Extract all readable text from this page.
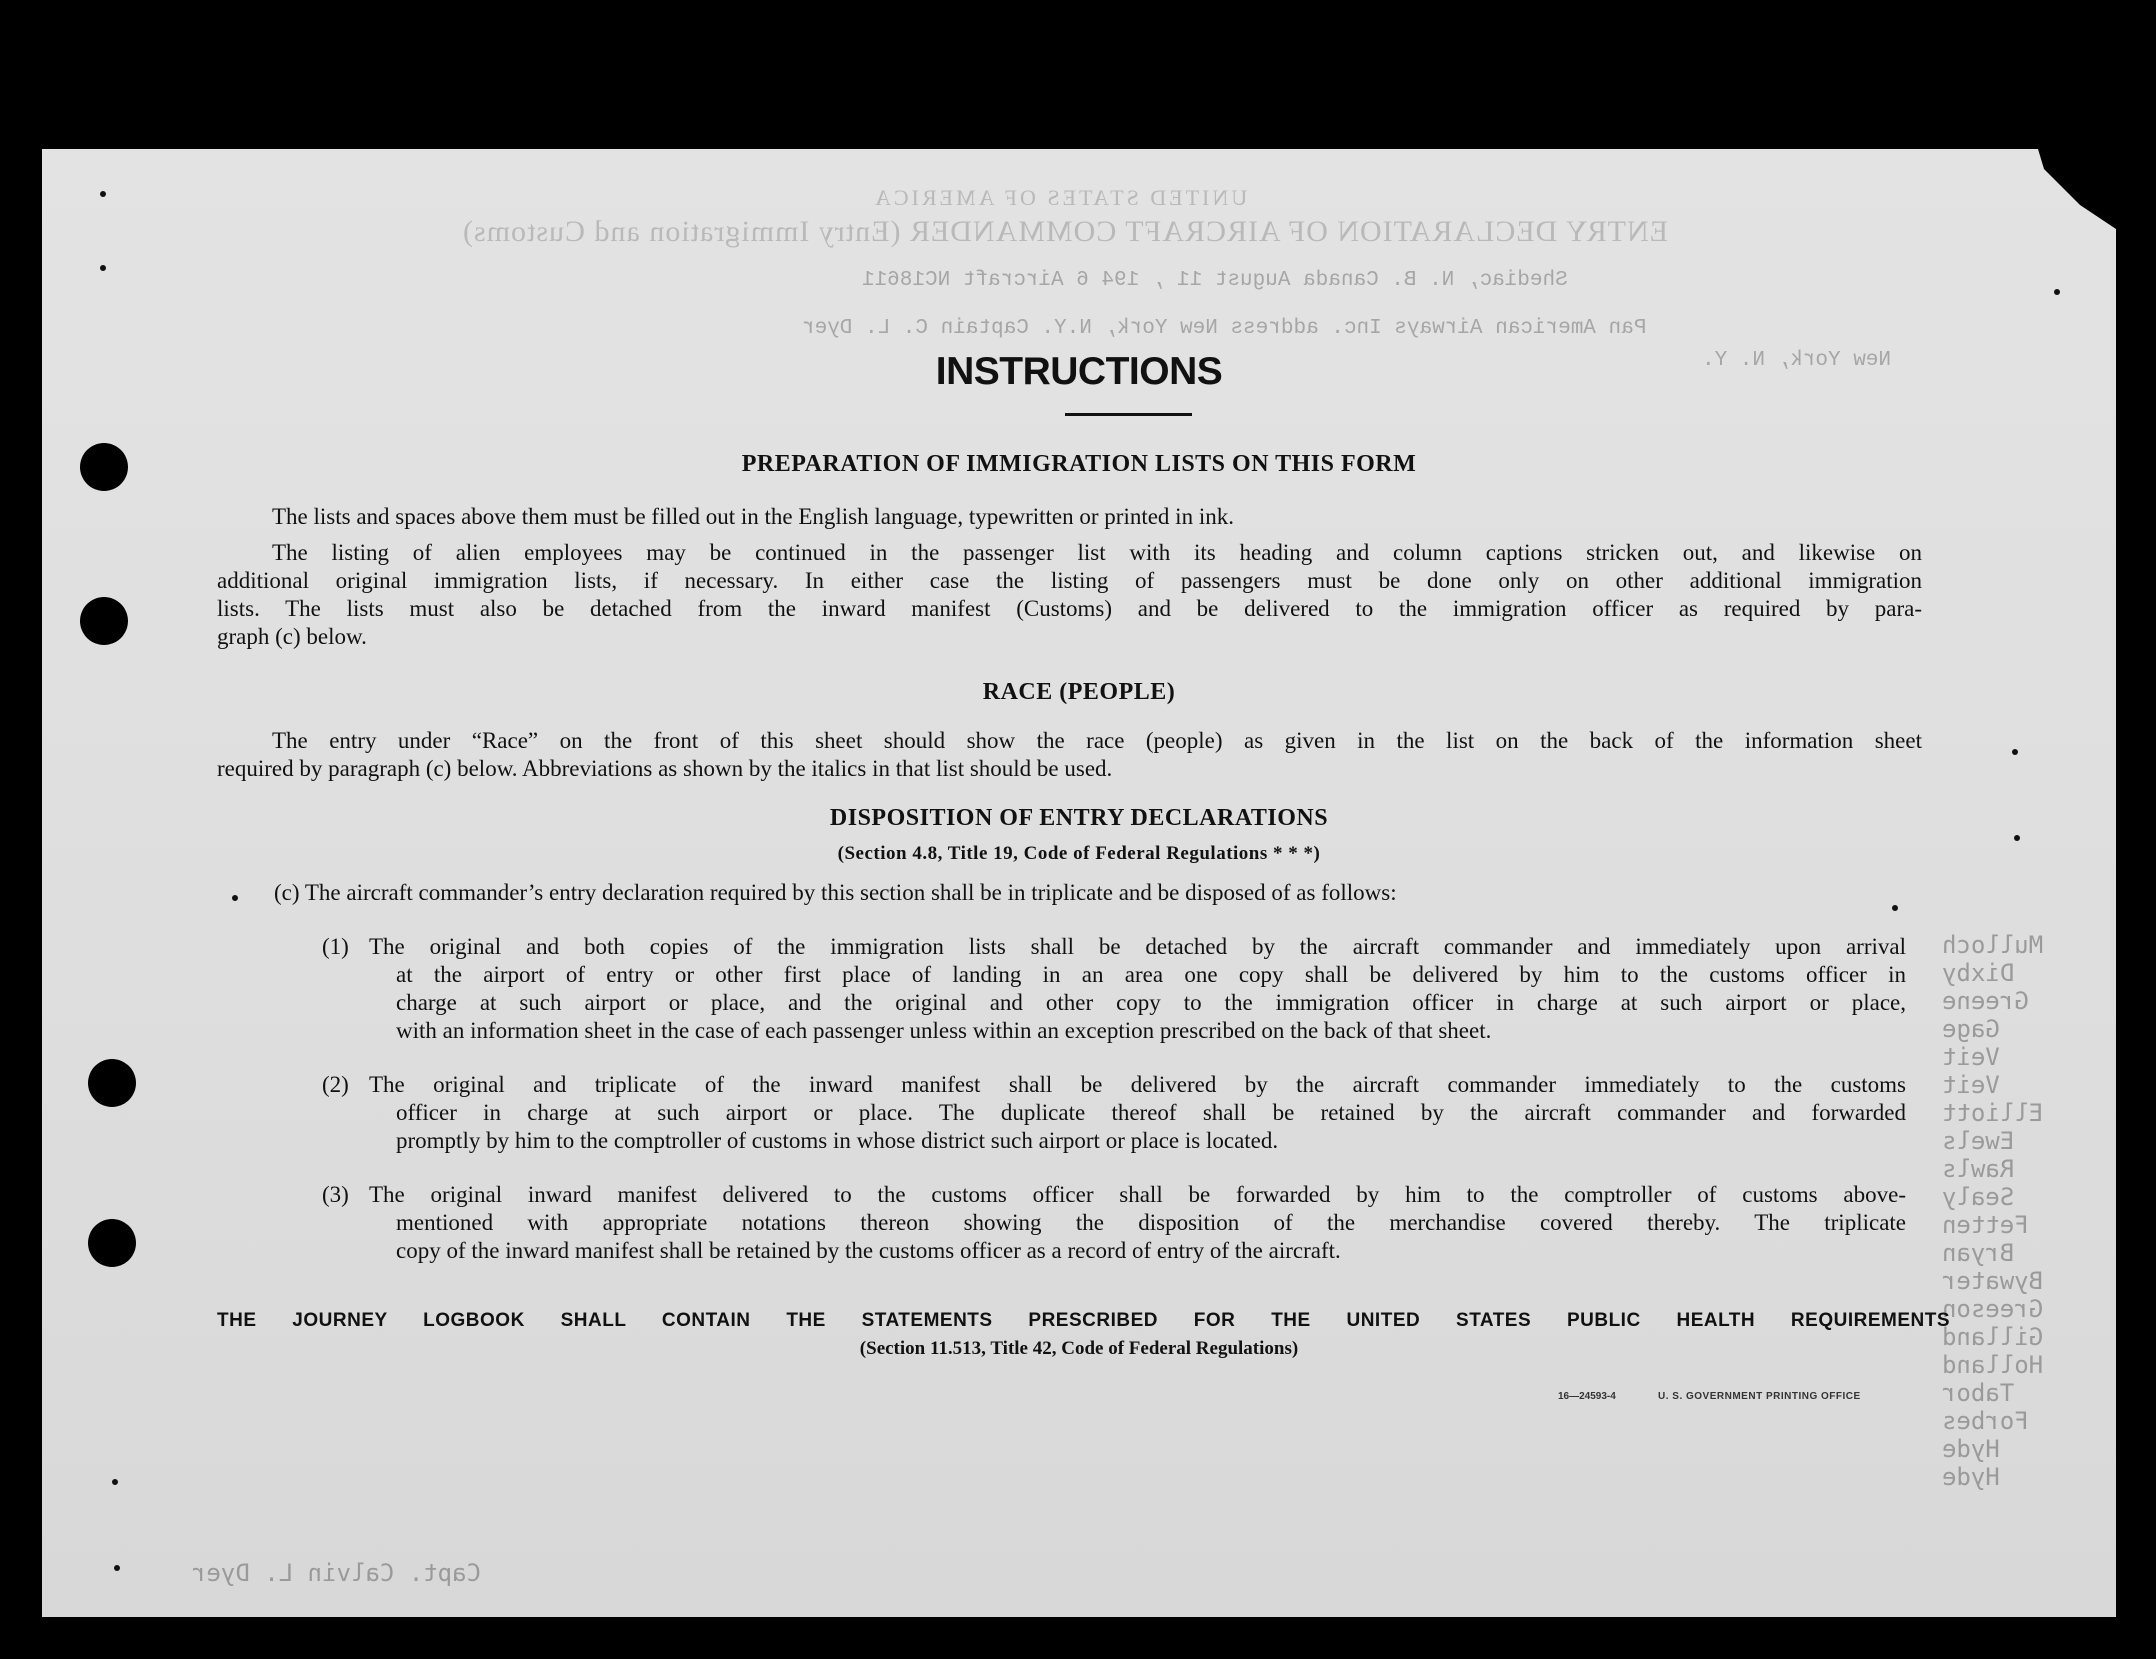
UNITED STATES OF AMERICA
ENTRY DECLARATION OF AIRCRAFT COMMANDER (Entry Immigration and Customs)
Shediac, N. B. Canada August 11 , 194 6 Aircraft NC18611
Pan American Airways Inc. address New York, N.Y. Captain C. L. Dyer
New York, N. Y.
Mulloch
Dixby
Greene
Gage
Veit
Veit
Elliott
Ewels
Rawls
Sealy
Fetten
Bryan
Bywater
Greeson
Gilland
Holland
Tabor
Forbes
Hyde
Hyde
Capt. Calvin L. Dyer
INSTRUCTIONS
PREPARATION OF IMMIGRATION LISTS ON THIS FORM
The lists and spaces above them must be filled out in the English language, typewritten or printed in ink.
The listing of alien employees may be continued in the passenger list with its heading and column captions stricken out, and likewise on
additional original immigration lists, if necessary. In either case the listing of passengers must be done only on other additional immigration
lists. The lists must also be detached from the inward manifest (Customs) and be delivered to the immigration officer as required by para-
graph (c) below.
RACE (PEOPLE)
The entry under “Race” on the front of this sheet should show the race (people) as given in the list on the back of the information sheet
required by paragraph (c) below. Abbreviations as shown by the italics in that list should be used.
DISPOSITION OF ENTRY DECLARATIONS
(Section 4.8, Title 19, Code of Federal Regulations * * *)
(c) The aircraft commander’s entry declaration required by this section shall be in triplicate and be disposed of as follows:
(1) The original and both copies of the immigration lists shall be detached by the aircraft commander and immediately upon arrival
at the airport of entry or other first place of landing in an area one copy shall be delivered by him to the customs officer in
charge at such airport or place, and the original and other copy to the immigration officer in charge at such airport or place,
with an information sheet in the case of each passenger unless within an exception prescribed on the back of that sheet.
(2) The original and triplicate of the inward manifest shall be delivered by the aircraft commander immediately to the customs
officer in charge at such airport or place. The duplicate thereof shall be retained by the aircraft commander and forwarded
promptly by him to the comptroller of customs in whose district such airport or place is located.
(3) The original inward manifest delivered to the customs officer shall be forwarded by him to the comptroller of customs above-
mentioned with appropriate notations thereon showing the disposition of the merchandise covered thereby. The triplicate
copy of the inward manifest shall be retained by the customs officer as a record of entry of the aircraft.
THE JOURNEY LOGBOOK SHALL CONTAIN THE STATEMENTS PRESCRIBED FOR THE UNITED STATES PUBLIC HEALTH REQUIREMENTS
(Section 11.513, Title 42, Code of Federal Regulations)
16—24593-4	U. S. GOVERNMENT PRINTING OFFICE
